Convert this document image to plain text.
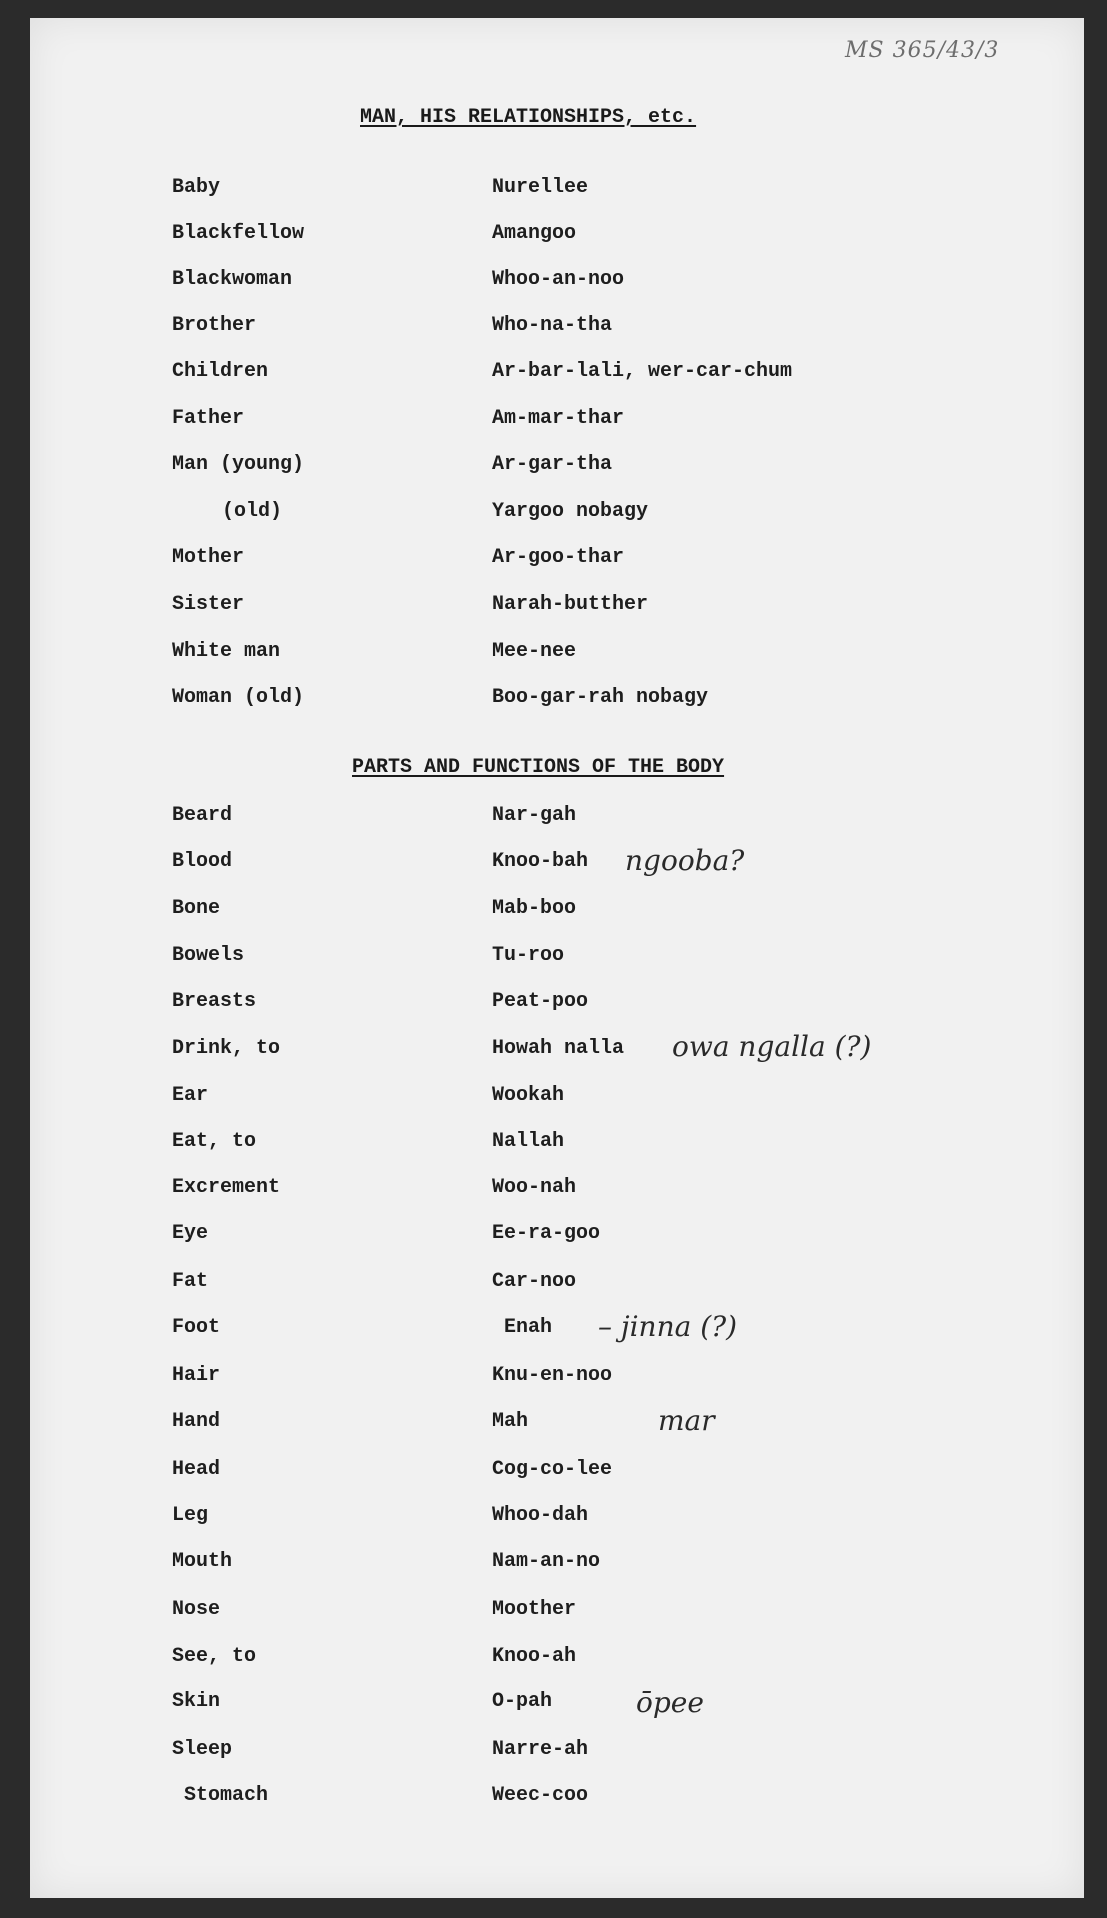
MS 365/43/3
MAN, HIS RELATIONSHIPS, etc.
PARTS AND FUNCTIONS OF THE BODY
Baby	Nurellee
Blackfellow	Amangoo
Blackwoman	Whoo-an-noo
Brother	Who-na-tha
Children	Ar-bar-lali, wer-car-chum
Father	Am-mar-thar
Man (young)	Ar-gar-tha
(old)	Yargoo nobagy
Mother	Ar-goo-thar
Sister	Narah-butther
White man	Mee-nee
Woman (old)	Boo-gar-rah nobagy
Beard	Nar-gah
Blood	Knoo-bah
Bone	Mab-boo
Bowels	Tu-roo
Breasts	Peat-poo
Drink, to	Howah nalla
Ear	Wookah
Eat, to	Nallah
Excrement	Woo-nah
Eye	Ee-ra-goo
Fat	Car-noo
Foot	Enah
Hair	Knu-en-noo
Hand	Mah
Head	Cog-co-lee
Leg	Whoo-dah
Mouth	Nam-an-no
Nose	Moother
See, to	Knoo-ah
Skin	O-pah
Sleep	Narre-ah
Stomach	Weec-coo
ngooba?
owa ngalla (?)
– jinna (?)
mar
ōpee
